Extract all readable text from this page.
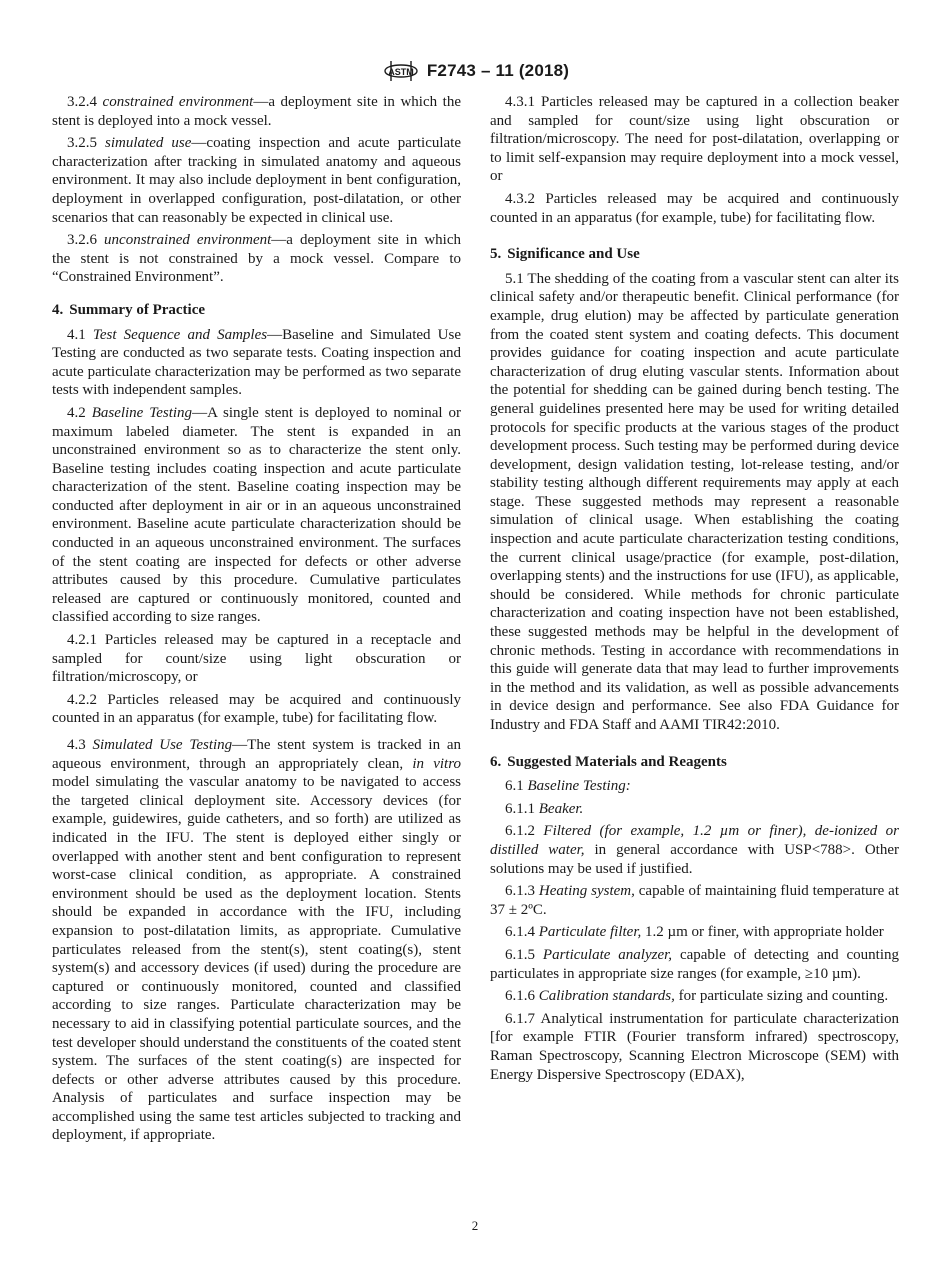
ASTM F2743 – 11 (2018)

3.2.4 constrained environment—a deployment site in which the stent is deployed into a mock vessel.

3.2.5 simulated use—coating inspection and acute particulate characterization after tracking in simulated anatomy and aqueous environment. It may also include deployment in bent configuration, deployment in overlapped configuration, post-dilatation, or other scenarios that can reasonably be expected in clinical use.

3.2.6 unconstrained environment—a deployment site in which the stent is not constrained by a mock vessel. Compare to “Constrained Environment”.

4. Summary of Practice

4.1 Test Sequence and Samples—Baseline and Simulated Use Testing are conducted as two separate tests. Coating inspection and acute particulate characterization may be performed as two separate tests with independent samples.

4.2 Baseline Testing—A single stent is deployed to nominal or maximum labeled diameter. The stent is expanded in an unconstrained environment so as to characterize the stent only. Baseline testing includes coating inspection and acute particulate characterization of the stent. Baseline coating inspection may be conducted after deployment in air or in an aqueous unconstrained environment. Baseline acute particulate characterization should be conducted in an aqueous unconstrained environment. The surfaces of the stent coating are inspected for defects or other adverse attributes caused by this procedure. Cumulative particulates released are captured or continuously monitored, counted and classified according to size ranges.

4.2.1 Particles released may be captured in a receptacle and sampled for count/size using light obscuration or filtration/microscopy, or

4.2.2 Particles released may be acquired and continuously counted in an apparatus (for example, tube) for facilitating flow.

4.3 Simulated Use Testing—The stent system is tracked in an aqueous environment, through an appropriately clean, in vitro model simulating the vascular anatomy to be navigated to access the targeted clinical deployment site. Accessory devices (for example, guidewires, guide catheters, and so forth) are utilized as indicated in the IFU. The stent is deployed either singly or overlapped with another stent and bent configuration to represent worst-case clinical condition, as appropriate. A constrained environment should be used as the deployment location. Stents should be expanded in accordance with the IFU, including expansion to post-dilatation limits, as appropriate. Cumulative particulates released from the stent(s), stent coating(s), stent system(s) and accessory devices (if used) during the procedure are captured or continuously monitored, counted and classified according to size ranges. Particulate characterization may be necessary to aid in classifying potential particulate sources, and the test developer should understand the constituents of the coated stent system. The surfaces of the stent coating(s) are inspected for defects or other adverse attributes caused by this procedure. Analysis of particulates and surface inspection may be accomplished using the same test articles subjected to tracking and deployment, if appropriate.

4.3.1 Particles released may be captured in a collection beaker and sampled for count/size using light obscuration or filtration/microscopy. The need for post-dilatation, overlapping or to limit self-expansion may require deployment into a mock vessel, or

4.3.2 Particles released may be acquired and continuously counted in an apparatus (for example, tube) for facilitating flow.

5. Significance and Use

5.1 The shedding of the coating from a vascular stent can alter its clinical safety and/or therapeutic benefit. Clinical performance (for example, drug elution) may be affected by particulate generation from the coated stent system and coating defects. This document provides guidance for coating inspection and acute particulate characterization of drug eluting vascular stents. Information about the potential for shedding can be gained during bench testing. The general guidelines presented here may be used for writing detailed protocols for specific products at the various stages of the product development process. Such testing may be performed during device development, design validation testing, lot-release testing, and/or stability testing although different requirements may apply at each stage. These suggested methods may represent a reasonable simulation of clinical usage. When establishing the coating inspection and acute particulate characterization testing conditions, the current clinical usage/practice (for example, post-dilation, overlapping stents) and the instructions for use (IFU), as applicable, should be considered. While methods for chronic particulate characterization and coating inspection have not been established, these suggested methods may be helpful in the development of chronic methods. Testing in accordance with recommendations in this guide will generate data that may lead to further improvements in the method and its validation, as well as possible advancements in device design and performance. See also FDA Guidance for Industry and FDA Staff and AAMI TIR42:2010.

6. Suggested Materials and Reagents

6.1 Baseline Testing:

6.1.1 Beaker.

6.1.2 Filtered (for example, 1.2 µm or finer), de-ionized or distilled water, in general accordance with USP<788>. Other solutions may be used if justified.

6.1.3 Heating system, capable of maintaining fluid temperature at 37 ± 2ºC.

6.1.4 Particulate filter, 1.2 µm or finer, with appropriate holder

6.1.5 Particulate analyzer, capable of detecting and counting particulates in appropriate size ranges (for example, ≥10 µm).

6.1.6 Calibration standards, for particulate sizing and counting.

6.1.7 Analytical instrumentation for particulate characterization [for example FTIR (Fourier transform infrared) spectroscopy, Raman Spectroscopy, Scanning Electron Microscope (SEM) with Energy Dispersive Spectroscopy (EDAX),

2
